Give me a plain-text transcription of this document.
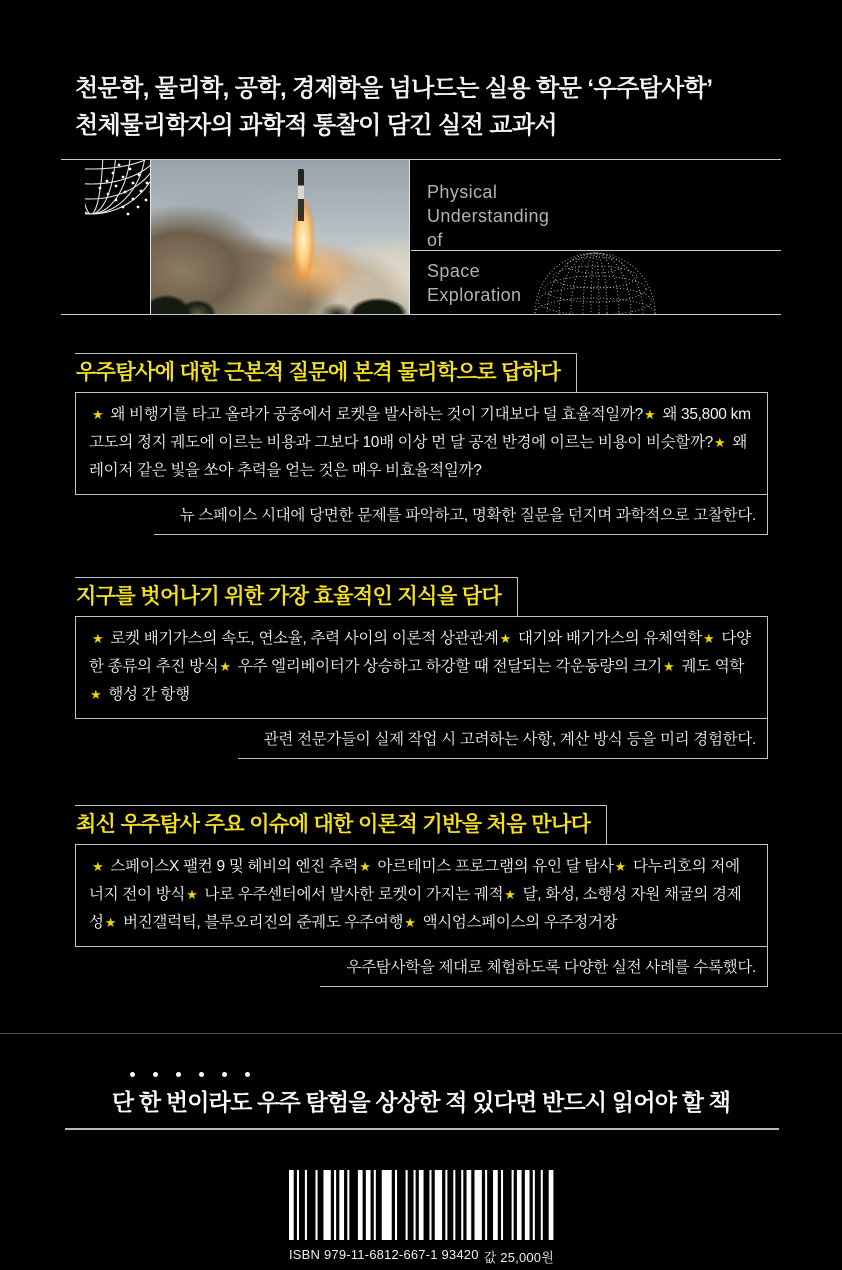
천문학, 물리학, 공학, 경제학을 넘나드는 실용 학문 ‘우주탐사학’
천체물리학자의 과학적 통찰이 담긴 실전 교과서
Physical
Understanding
of
Space
Exploration
우주탐사에 대한 근본적 질문에 본격 물리학으로 답하다
★ 왜 비행기를 타고 올라가 공중에서 로켓을 발사하는 것이 기대보다 덜 효율적일까?★ 왜 35,800 km 고도의 정지 궤도에 이르는 비용과 그보다 10배 이상 먼 달 공전 반경에 이르는 비용이 비슷할까?★ 왜 레이저 같은 빛을 쏘아 추력을 얻는 것은 매우 비효율적일까?
뉴 스페이스 시대에 당면한 문제를 파악하고, 명확한 질문을 던지며 과학적으로 고찰한다.
지구를 벗어나기 위한 가장 효율적인 지식을 담다
★ 로켓 배기가스의 속도, 연소율, 추력 사이의 이론적 상관관계★ 대기와 배기가스의 유체역학★ 다양한 종류의 추진 방식★ 우주 엘리베이터가 상승하고 하강할 때 전달되는 각운동량의 크기★ 궤도 역학★ 행성 간 항행
관련 전문가들이 실제 작업 시 고려하는 사항, 계산 방식 등을 미리 경험한다.
최신 우주탐사 주요 이슈에 대한 이론적 기반을 처음 만나다
★ 스페이스X 팰컨 9 및 헤비의 엔진 추력★ 아르테미스 프로그램의 유인 달 탐사★ 다누리호의 저에너지 전이 방식★ 나로 우주센터에서 발사한 로켓이 가지는 궤적★ 달, 화성, 소행성 자원 채굴의 경제성★ 버진갤럭틱, 블루오리진의 준궤도 우주여행★ 액시엄스페이스의 우주정거장
우주탐사학을 제대로 체험하도록 다양한 실전 사례를 수록했다.
단 한 번이라도 우주 탐험을 상상한 적 있다면 반드시 읽어야 할 책
ISBN 979-11-6812-667-1 93420 값 25,000원
